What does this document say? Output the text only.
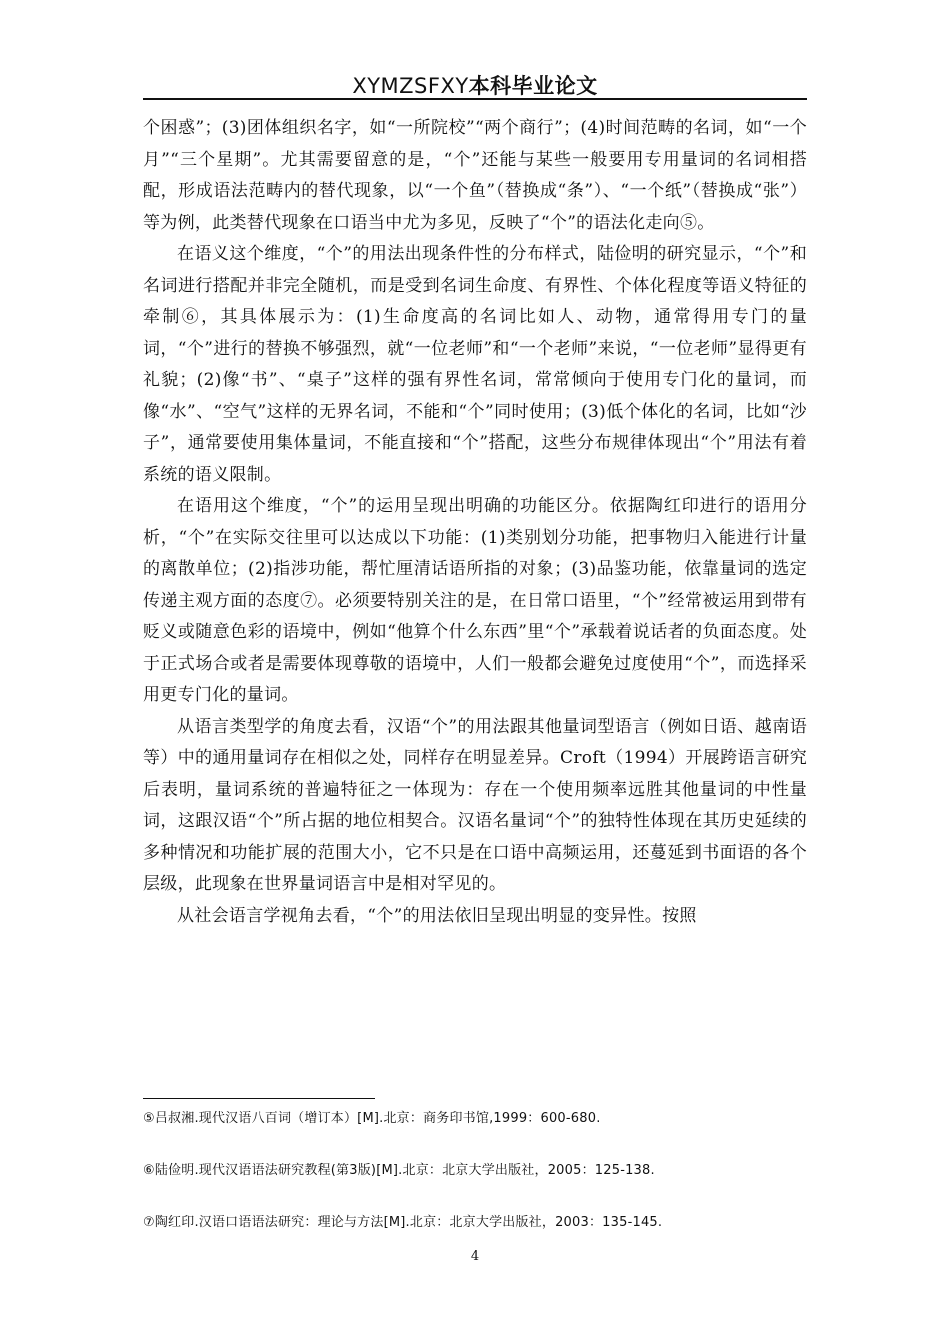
XYMZSFXY本科毕业论文

个困惑”；(3)团体组织名字，如“一所院校”“两个商行”；(4)时间范畴的名词，如“一个月”“三个星期”。尤其需要留意的是，“个”还能与某些一般要用专用量词的名词相搭配，形成语法范畴内的替代现象，以“一个鱼”（替换成“条”）、“一个纸”（替换成“张”）等为例，此类替代现象在口语当中尤为多见，反映了“个”的语法化走向⑤。

在语义这个维度，“个”的用法出现条件性的分布样式，陆俭明的研究显示，“个”和名词进行搭配并非完全随机，而是受到名词生命度、有界性、个体化程度等语义特征的牵制⑥，其具体展示为：(1)生命度高的名词比如人、动物，通常得用专门的量词，“个”进行的替换不够强烈，就“一位老师”和“一个老师”来说，“一位老师”显得更有礼貌；(2)像“书”、“桌子”这样的强有界性名词，常常倾向于使用专门化的量词，而像“水”、“空气”这样的无界名词，不能和“个”同时使用；(3)低个体化的名词，比如“沙子”，通常要使用集体量词，不能直接和“个”搭配，这些分布规律体现出“个”用法有着系统的语义限制。

在语用这个维度，“个”的运用呈现出明确的功能区分。依据陶红印进行的语用分析，“个”在实际交往里可以达成以下功能：(1)类别划分功能，把事物归入能进行计量的离散单位；(2)指涉功能，帮忙厘清话语所指的对象；(3)品鉴功能，依靠量词的选定传递主观方面的态度⑦。必须要特别关注的是，在日常口语里，“个”经常被运用到带有贬义或随意色彩的语境中，例如“他算个什么东西”里“个”承载着说话者的负面态度。处于正式场合或者是需要体现尊敬的语境中，人们一般都会避免过度使用“个”，而选择采用更专门化的量词。

从语言类型学的角度去看，汉语“个”的用法跟其他量词型语言（例如日语、越南语等）中的通用量词存在相似之处，同样存在明显差异。Croft（1994）开展跨语言研究后表明，量词系统的普遍特征之一体现为：存在一个使用频率远胜其他量词的中性量词，这跟汉语“个”所占据的地位相契合。汉语名量词“个”的独特性体现在其历史延续的多种情况和功能扩展的范围大小，它不只是在口语中高频运用，还蔓延到书面语的各个层级，此现象在世界量词语言中是相对罕见的。

从社会语言学视角去看，“个”的用法依旧呈现出明显的变异性。按照

⑤吕叔湘.现代汉语八百词（增订本）[M].北京：商务印书馆,1999：600-680.
⑥陆俭明.现代汉语语法研究教程(第3版)[M].北京：北京大学出版社，2005：125-138.
⑦陶红印.汉语口语语法研究：理论与方法[M].北京：北京大学出版社，2003：135-145.
4
